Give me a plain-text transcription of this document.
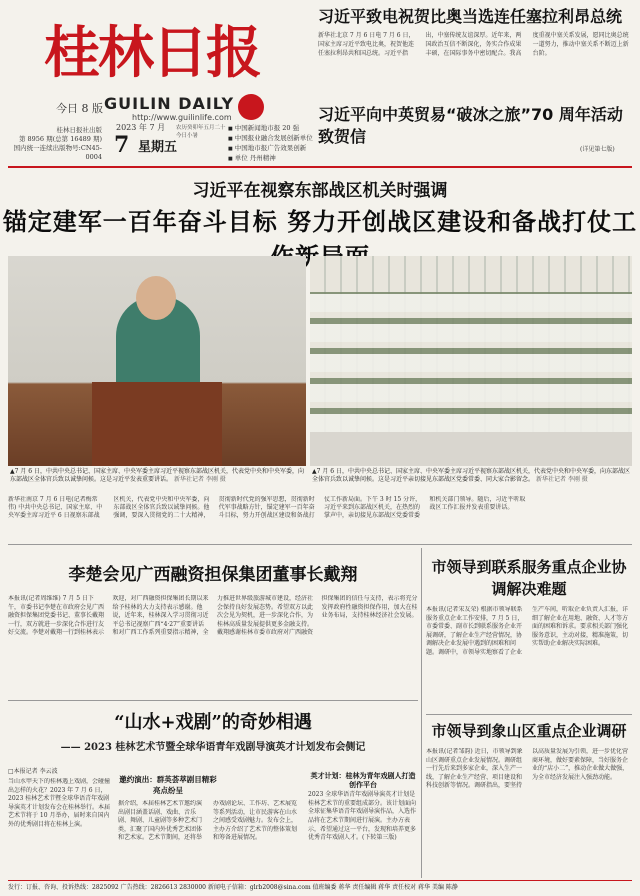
桂林日报
今日 8 版 GUILIN DAILY
http://www.guilinlife.com
桂林日报社出版
第 8956 期(总第 16489 期)
国内统一连续出版物号:CN45-0004
2023 年 7 月
7 星期五
农历癸卯年五月二十 今日小暑
■ 中国新闻地市报 20 强
■ 中国报业融合发展创新单位
■ 中国地市报广告效果创新
■ 单位 丹州精神
习近平致电祝贺比奥当选连任塞拉利昂总统

新华社北京 7 月 6 日电 7 月 6 日，国家主席习近平致电比奥，祝贺他连任塞拉利昂共和国总统。习近平指出，中塞传统友谊深厚。近年来，两国政治互信不断深化，务实合作成果丰硕，在国际事务中密切配合。我高度重视中塞关系发展，愿同比奥总统一道努力，推动中塞关系不断迈上新台阶。

习近平向中英贸易“破冰之旅”70 周年活动致贺信
(详见第七版)
习近平在视察东部战区机关时强调
锚定建军一百年奋斗目标 努力开创战区建设和备战打仗工 新
▲7 月 6 日，中共中央总书记、国家主席、中央军委主席习近平视察东部战区机关，代表党中央和中央军委，向东部战区全体官兵致以诚挚问候。这是习近平发表重要讲话。 新华社记者 李刚 摄
▲7 月 6 日，中共中央总书记、国家主席、中央军委主席习近平视察东部战区机关，代表党中央和中央军委，向东部战区全体官兵致以诚挚问候。这是习近平亲切接见东部战区党委常委、同大家合影留念。 新华社记者 李刚 摄
新华社南京 7 月 6 日电(记者梅常伟) 中共中央总书记、国家主席、中央军委主席习近平 6 日视察东部战区机关，代表党中央和中央军委，向东部战区全体官兵致以诚挚问候。他强调，要深入贯彻党的二十大精神，贯彻新时代党的强军思想，贯彻新时代军事战略方针，锚定建军一百年奋斗目标，努力开创战区建设和备战打仗工作新局面。下午 3 时 15 分许，习近平来到东部战区机关，在热烈的掌声中，亲切接见东部战区党委常委和机关部门领导。随后，习近平听取战区工作汇报并发表重要讲话。
李楚会见广西融资担保集团董事长戴翔
本报讯(记者周维维) 7 月 5 日下午，市委书记李楚在市政府会见广西融资担保集团党委书记、董事长戴翔一行，双方就进一步深化合作进行友好交流。李楚对戴翔一行到桂林表示欢迎，对广西融资担保集团长期以来给予桂林的大力支持表示感谢。他说，近年来，桂林深入学习贯彻习近平总书记视察广西“4·27”重要讲话和对广西工作系列重要指示精神，全力推进世界级旅游城市建设，经济社会保持良好发展态势。希望双方以此次会见为契机，进一步深化合作，为桂林高质量发展提供更多金融支持。戴翔感谢桂林市委市政府对广西融资担保集团的信任与支持，表示将充分发挥政府性融资担保作用，加大在桂业务布局，支持桂林经济社会发展。
市领导到联系服务重点企业协调解决难题
本报讯(记者宋友荣) 根据市领导联系服务重点企业工作安排，7 月 5 日，市委常委、副市长到联系服务企业开展调研，了解企业生产经营情况，协调解决企业发展中遇到的困难和问题。调研中，市领导实地察看了企业生产车间，听取企业负责人汇报，详细了解企业在用地、融资、人才等方面的困难和诉求。要求相关部门强化服务意识，主动对接，精准施策，切实帮助企业解决实际困难。
市领导到象山区重点企业调研
本报讯(记者邹韵) 近日，市领导到象山区调研重点企业发展情况。调研组一行先后来到多家企业，深入生产一线，了解企业生产经营、项目建设和科技创新等情况。调研指出，要坚持以高质量发展为引领，进一步优化营商环境，做好要素保障，当好服务企业的“店小二”，推动企业做大做强，为全市经济发展注入强劲动能。
“山水+戏剧”的奇妙相遇
—— 2023 桂林艺术节暨全球华语青年戏剧导演英才计划发布会侧记
□本报记者 李云波
当山水甲天下的桂林遇上戏剧，会碰撞出怎样的火花？2023 年 7 月 6 日，2023 桂林艺术节暨全球华语青年戏剧导演英才计划发布会在桂林举行。本届艺术节将于 10 月举办，届时来自国内外的优秀剧目将在桂林上演。
邀约演出：群英荟萃剧目精彩亮点纷呈
据介绍，本届桂林艺术节邀约演出剧目涵盖话剧、戏曲、音乐剧、舞剧、儿童剧等多种艺术门类，汇聚了国内外优秀艺术团体和艺术家。艺术节期间，还将举办戏剧论坛、工作坊、艺术展览等系列活动，让市民游客在山水之间感受戏剧魅力。发布会上，主办方介绍了艺术节的整体策划和筹备进展情况。
英才计划：桂林为青年戏剧人打造创作平台
2023 全球华语青年戏剧导演英才计划是桂林艺术节的重要组成部分。该计划面向全球征集华语青年戏剧导演作品，入选作品将在艺术节期间进行展演。主办方表示，希望通过这一平台，发现和培养更多优秀青年戏剧人才。(下转第三版)
发行：订报、咨询、投诉热线：2825092 广告热线：2826613 2830000 新闻电子信箱：glrb2008@sina.com 值班编委 蒋华 责任编辑 蒋华 责任校对 蒋华 美编 陈静
